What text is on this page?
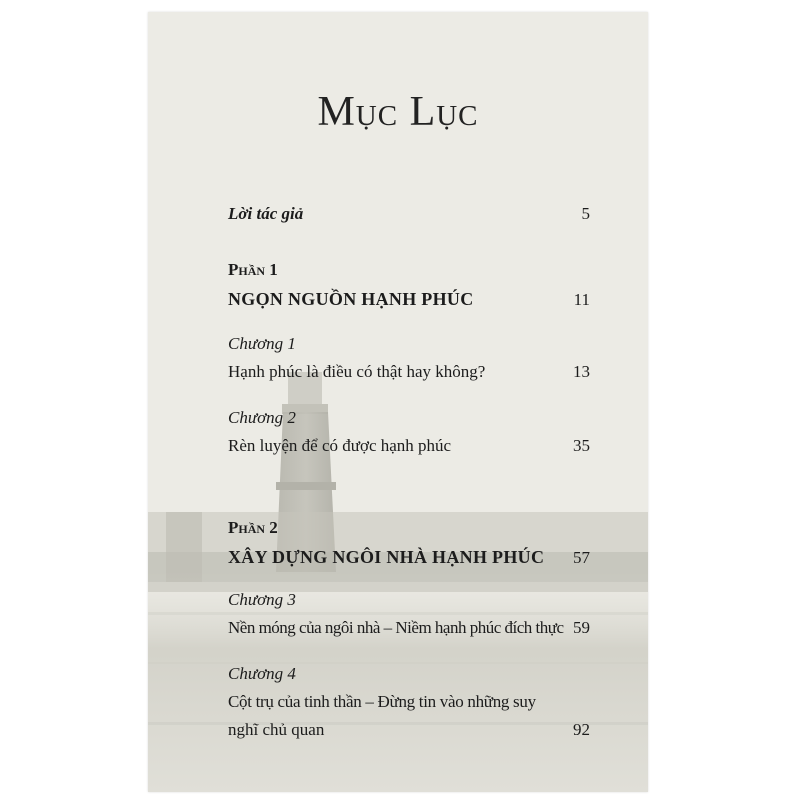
Mục Lục
Lời tác giả	5
Phần 1
NGỌN NGUỒN HẠNH PHÚC	11
Chương 1
Hạnh phúc là điều có thật hay không?	13
Chương 2
Rèn luyện để có được hạnh phúc	35
Phần 2
XÂY DỰNG NGÔI NHÀ HẠNH PHÚC	57
Chương 3
Nền móng của ngôi nhà – Niềm hạnh phúc đích thực 59
Chương 4
Cột trụ của tinh thần – Đừng tin vào những suy
nghĩ chủ quan	92
